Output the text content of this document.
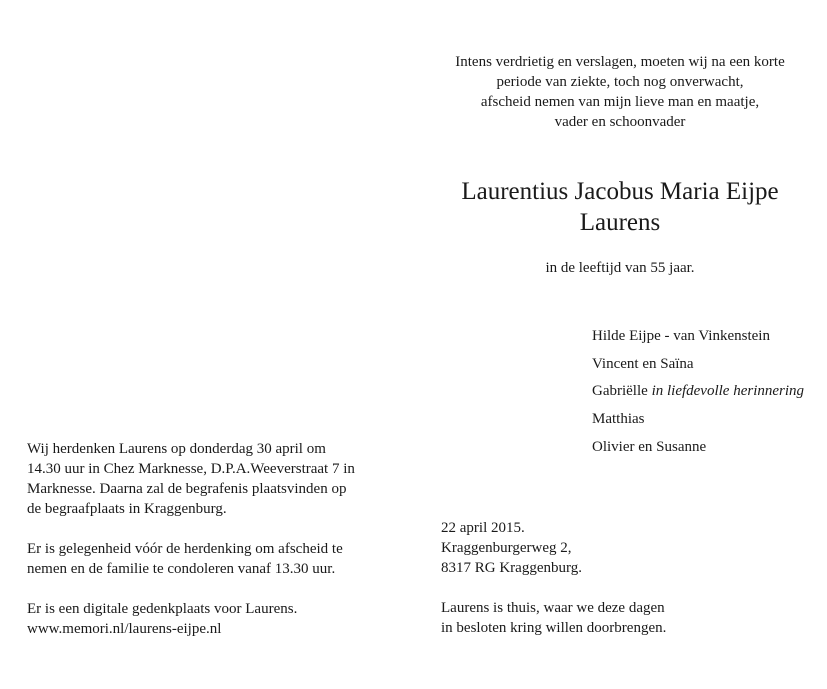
Intens verdrietig en verslagen, moeten wij na een korte
periode van ziekte, toch nog onverwacht,
afscheid nemen van mijn lieve man en maatje,
vader en schoonvader
Laurentius Jacobus Maria Eijpe
Laurens
in de leeftijd van 55 jaar.
Hilde Eijpe - van Vinkenstein
Vincent en Saïna
Gabriëlle in liefdevolle herinnering
Matthias
Olivier en Susanne

Wij herdenken Laurens op donderdag 30 april om
14.30 uur in Chez Marknesse, D.P.A.Weeverstraat 7 in
Marknesse. Daarna zal de begrafenis plaatsvinden op
de begraafplaats in Kraggenburg.

Er is gelegenheid vóór de herdenking om afscheid te
nemen en de familie te condoleren vanaf 13.30 uur.

Er is een digitale gedenkplaats voor Laurens.
www.memori.nl/laurens-eijpe.nl

22 april 2015.
Kraggenburgerweg 2,
8317 RG Kraggenburg.

Laurens is thuis, waar we deze dagen
in besloten kring willen doorbrengen.
